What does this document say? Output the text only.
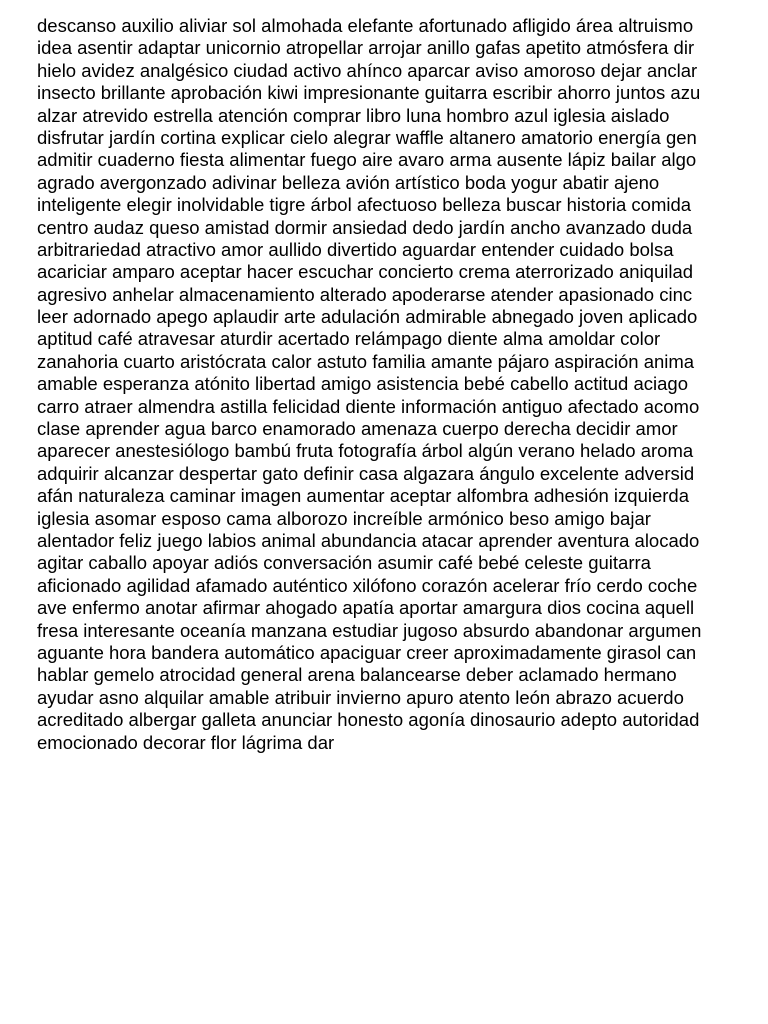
descanso auxilio aliviar sol almohada elefante afortunado afligido área altruismo
idea asentir adaptar unicornio atropellar arrojar anillo gafas apetito atmósfera dir
hielo avidez analgésico ciudad activo ahínco aparcar aviso amoroso dejar anclar
insecto brillante aprobación kiwi impresionante guitarra escribir ahorro juntos azu
alzar atrevido estrella atención comprar libro luna hombro azul iglesia aislado
disfrutar jardín cortina explicar cielo alegrar waffle altanero amatorio energía gen
admitir cuaderno fiesta alimentar fuego aire avaro arma ausente lápiz bailar algo
agrado avergonzado adivinar belleza avión artístico boda yogur abatir ajeno
inteligente elegir inolvidable tigre árbol afectuoso belleza buscar historia comida
centro audaz queso amistad dormir ansiedad dedo jardín ancho avanzado duda
arbitrariedad atractivo amor aullido divertido aguardar entender cuidado bolsa
acariciar amparo aceptar hacer escuchar concierto crema aterrorizado aniquilad
agresivo anhelar almacenamiento alterado apoderarse atender apasionado cinc
leer adornado apego aplaudir arte adulación admirable abnegado joven aplicado
aptitud café atravesar aturdir acertado relámpago diente alma amoldar color
zanahoria cuarto aristócrata calor astuto familia amante pájaro aspiración anima
amable esperanza atónito libertad amigo asistencia bebé cabello actitud aciago
carro atraer almendra astilla felicidad diente información antiguo afectado acomo
clase aprender agua barco enamorado amenaza cuerpo derecha decidir amor
aparecer anestesiólogo bambú fruta fotografía árbol algún verano helado aroma
adquirir alcanzar despertar gato definir casa algazara ángulo excelente adversid
afán naturaleza caminar imagen aumentar aceptar alfombra adhesión izquierda
iglesia asomar esposo cama alborozo increíble armónico beso amigo bajar
alentador feliz juego labios animal abundancia atacar aprender aventura alocado
agitar caballo apoyar adiós conversación asumir café bebé celeste guitarra
aficionado agilidad afamado auténtico xilófono corazón acelerar frío cerdo coche
ave enfermo anotar afirmar ahogado apatía aportar amargura dios cocina aquell
fresa interesante oceanía manzana estudiar jugoso absurdo abandonar argumen
aguante hora bandera automático apaciguar creer aproximadamente girasol can
hablar gemelo atrocidad general arena balancearse deber aclamado hermano
ayudar asno alquilar amable atribuir invierno apuro atento león abrazo acuerdo
acreditado albergar galleta anunciar honesto agonía dinosaurio adepto autoridad
emocionado decorar flor lágrima dar
